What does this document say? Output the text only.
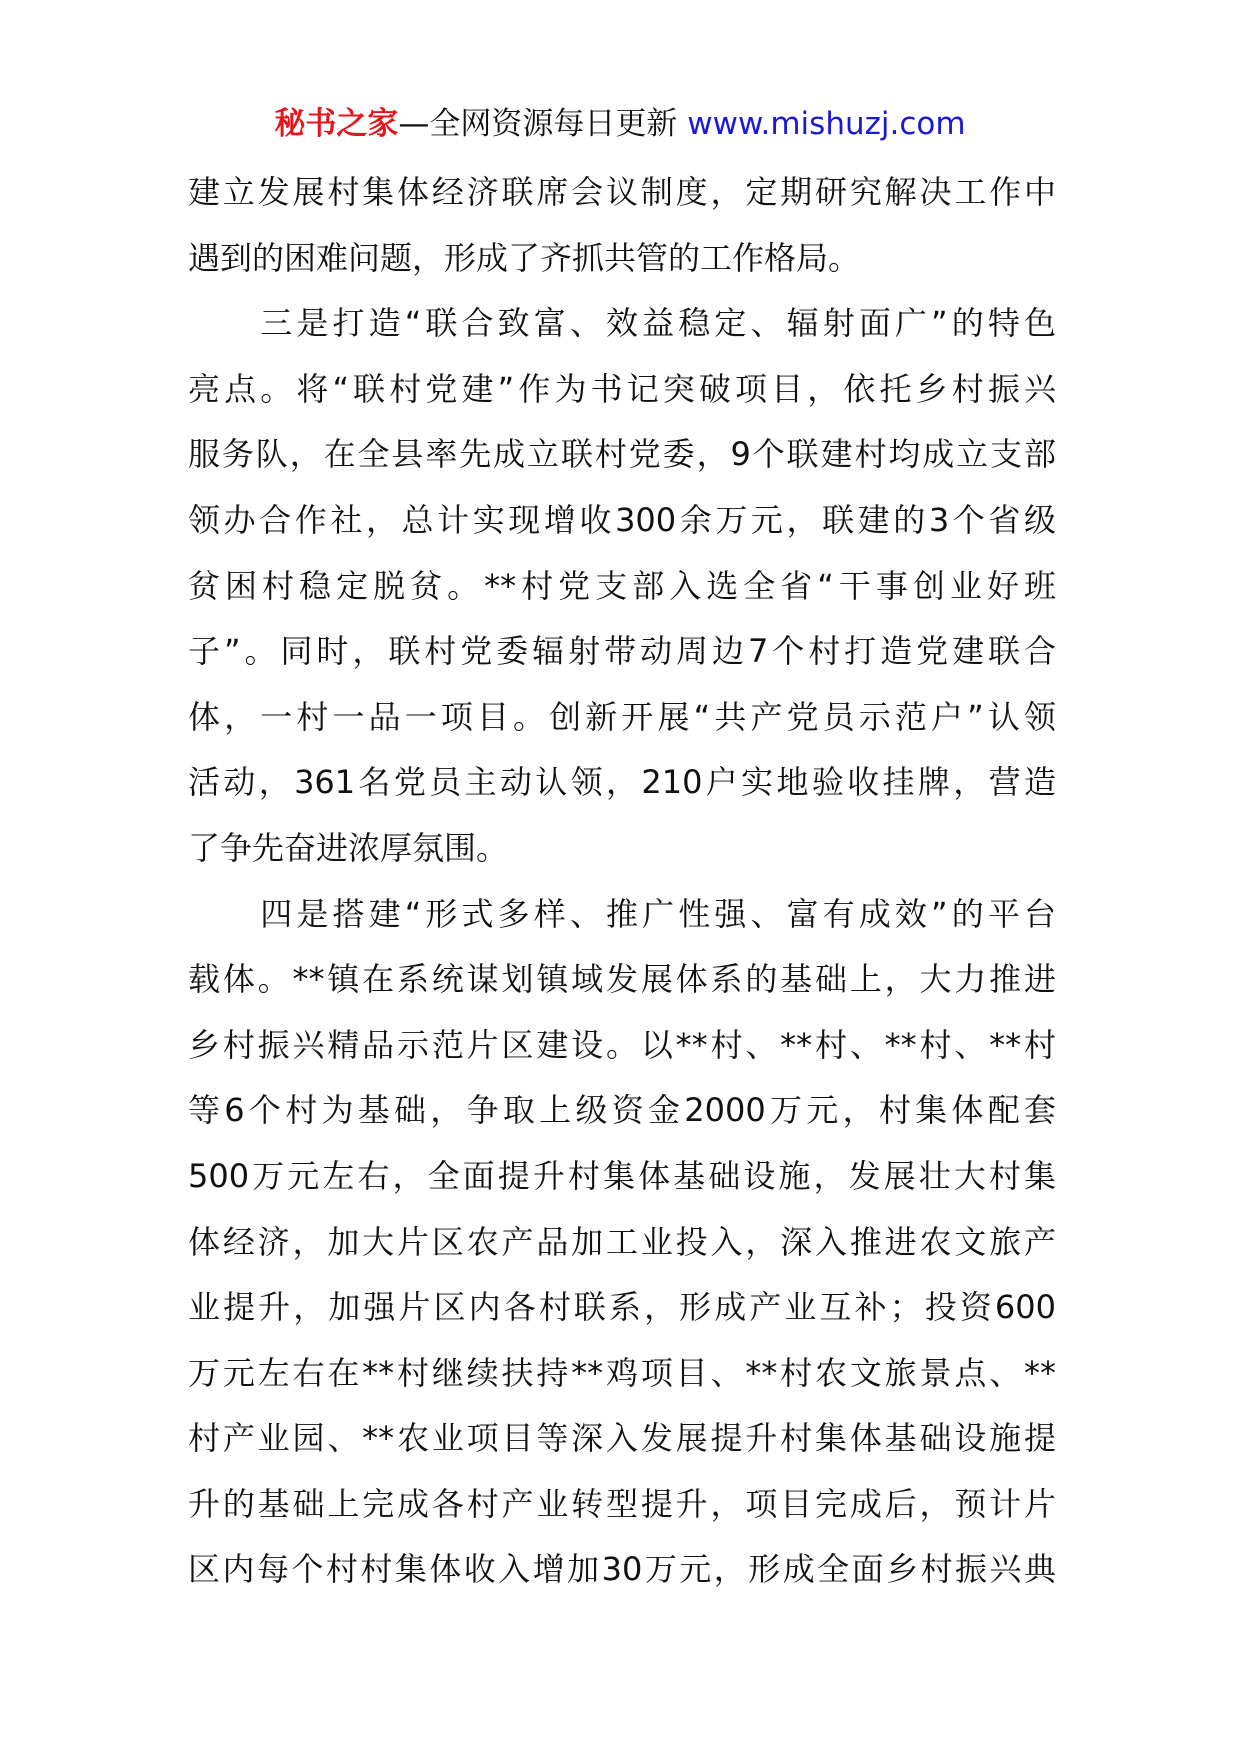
秘书之家—全网资源每日更新 www.mishuzj.com
建立发展村集体经济联席会议制度，定期研究解决工作中
遇到的困难问题，形成了齐抓共管的工作格局。
　　三是打造“联合致富、效益稳定、辐射面广”的特色
亮点。将“联村党建”作为书记突破项目，依托乡村振兴
服务队，在全县率先成立联村党委，9个联建村均成立支部
领办合作社，总计实现增收300余万元，联建的3个省级
贫困村稳定脱贫。**村党支部入选全省“干事创业好班
子”。同时，联村党委辐射带动周边7个村打造党建联合
体，一村一品一项目。创新开展“共产党员示范户”认领
活动，361名党员主动认领，210户实地验收挂牌，营造
了争先奋进浓厚氛围。
　　四是搭建“形式多样、推广性强、富有成效”的平台
载体。**镇在系统谋划镇域发展体系的基础上，大力推进
乡村振兴精品示范片区建设。以**村、**村、**村、**村
等6个村为基础，争取上级资金2000万元，村集体配套
500万元左右，全面提升村集体基础设施，发展壮大村集
体经济，加大片区农产品加工业投入，深入推进农文旅产
业提升，加强片区内各村联系，形成产业互补；投资600
万元左右在**村继续扶持**鸡项目、**村农文旅景点、**
村产业园、**农业项目等深入发展提升村集体基础设施提
升的基础上完成各村产业转型提升，项目完成后，预计片
区内每个村村集体收入增加30万元，形成全面乡村振兴典
